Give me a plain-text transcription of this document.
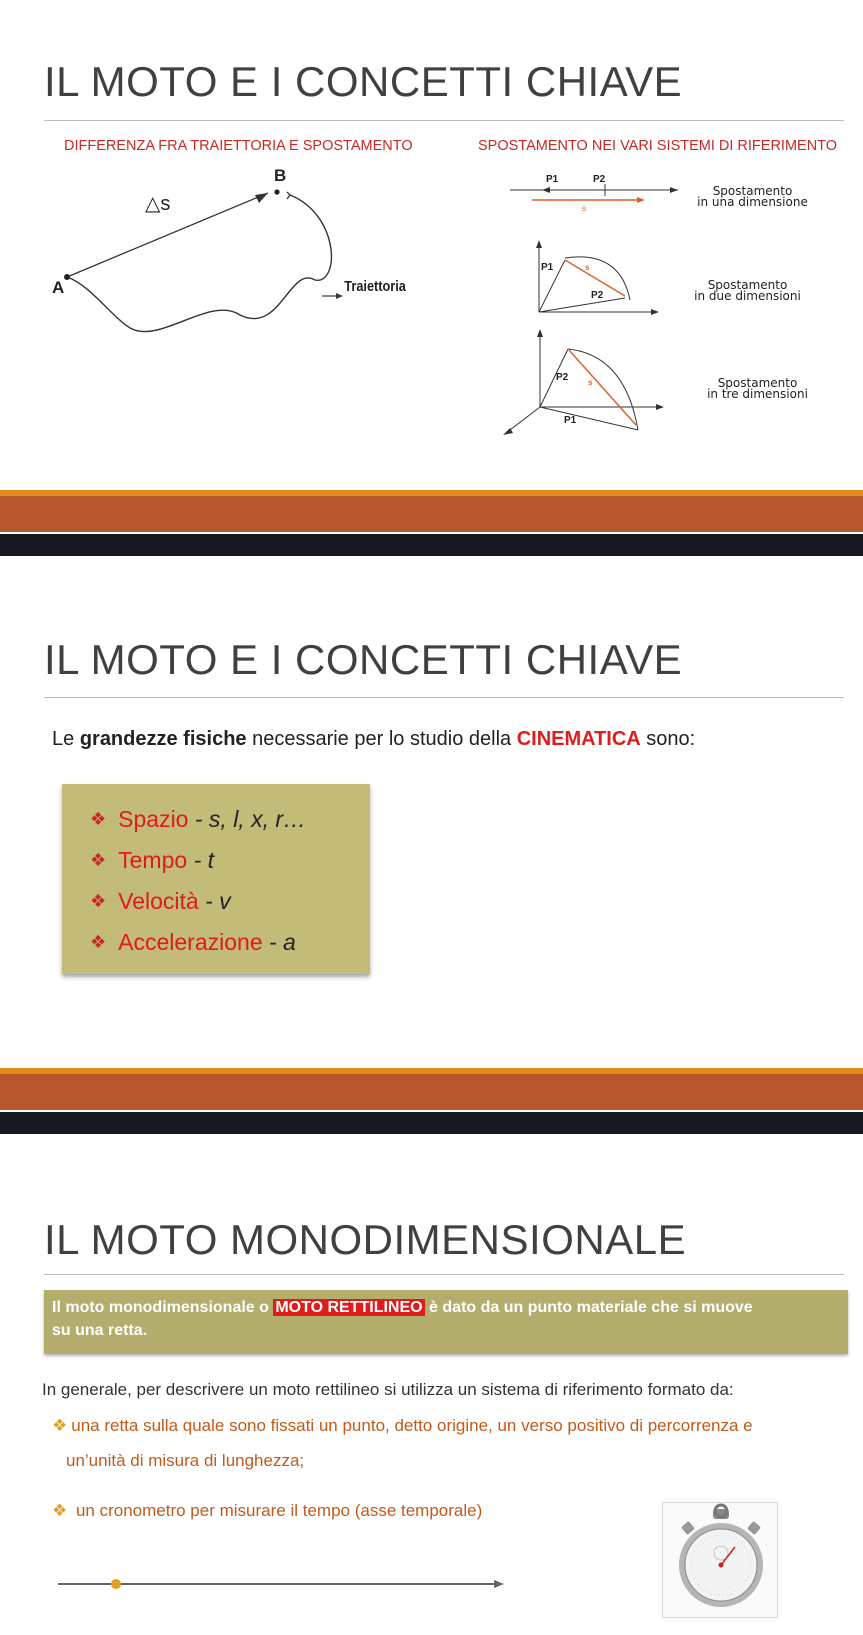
IL MOTO E I CONCETTI CHIAVE
DIFFERENZA FRA TRAIETTORIA E SPOSTAMENTO	SPOSTAMENTO NEI VARI SISTEMI DI RIFERIMENTO
△s
A
B
Traiettoria
P1	P2
s
P1	s
P2
P2 s
P1
Spostamento
in una dimensione
Spostamento
in due dimensioni
Spostamento
in tre dimensioni
IL MOTO E I CONCETTI CHIAVE
Le grandezze fisiche necessarie per lo studio della CINEMATICA sono:
❖ Spazio - s, l, x, r…
❖ Tempo - t
❖ Velocità - v
❖ Accelerazione - a
IL MOTO MONODIMENSIONALE
Il moto monodimensionale o MOTO RETTILINEO è dato da un punto materiale che si muove
su una retta.
In generale, per descrivere un moto rettilineo si utilizza un sistema di riferimento formato da:
❖ una retta sulla quale sono fissati un punto, detto origine, un verso positivo di percorrenza e
un’unità di misura di lunghezza;
❖ un cronometro per misurare il tempo (asse temporale)
